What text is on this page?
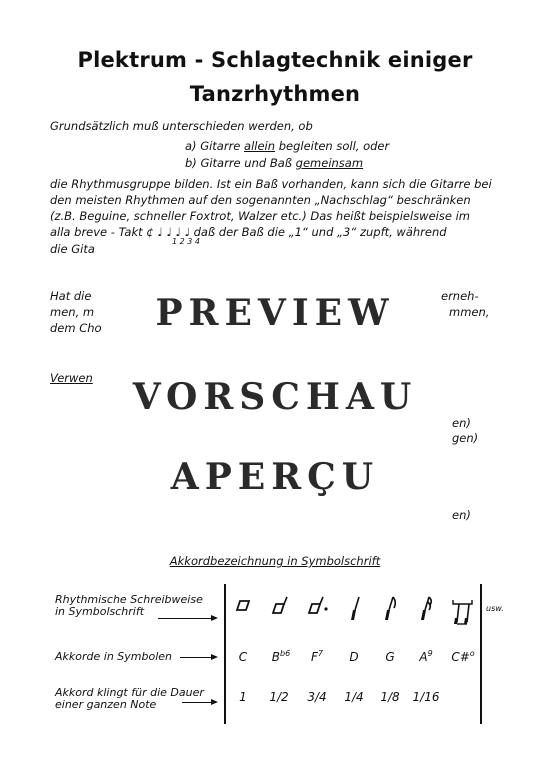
Plektrum - Schlagtechnik einiger
Tanzrhythmen
Grundsätzlich muß unterschieden werden, ob
a) Gitarre allein begleiten soll, oder
b) Gitarre und Baß gemeinsam
die Rhythmusgruppe bilden. Ist ein Baß vorhanden, kann sich die Gitarre bei
den meisten Rhythmen auf den sogenannten „Nachschlag“ beschränken
(z.B. Beguine, schneller Foxtrot, Walzer etc.) Das heißt beispielsweise im
alla breve - Takt ¢ ♩ ♩ ♩ ♩ daß der Baß die „1“ und „3“ zupft, während
1 2 3 4
die Gita
Hat die
men, m
dem Cho
erneh-
mmen,
Verwen
en)
gen)
en)
PREVIEW
VORSCHAU
APERÇU
Akkordbezeichnung in Symbolschrift
Rhythmische Schreibweise
in Symbolschrift
Akkorde in Symbolen
Akkord klingt für die Dauer
einer ganzen Note
usw.
C
1
$B^{b6}$
1/2
$F^7$
3/4
D
1/4
G
1/8
$A^9$
1/16
C#$^o$
